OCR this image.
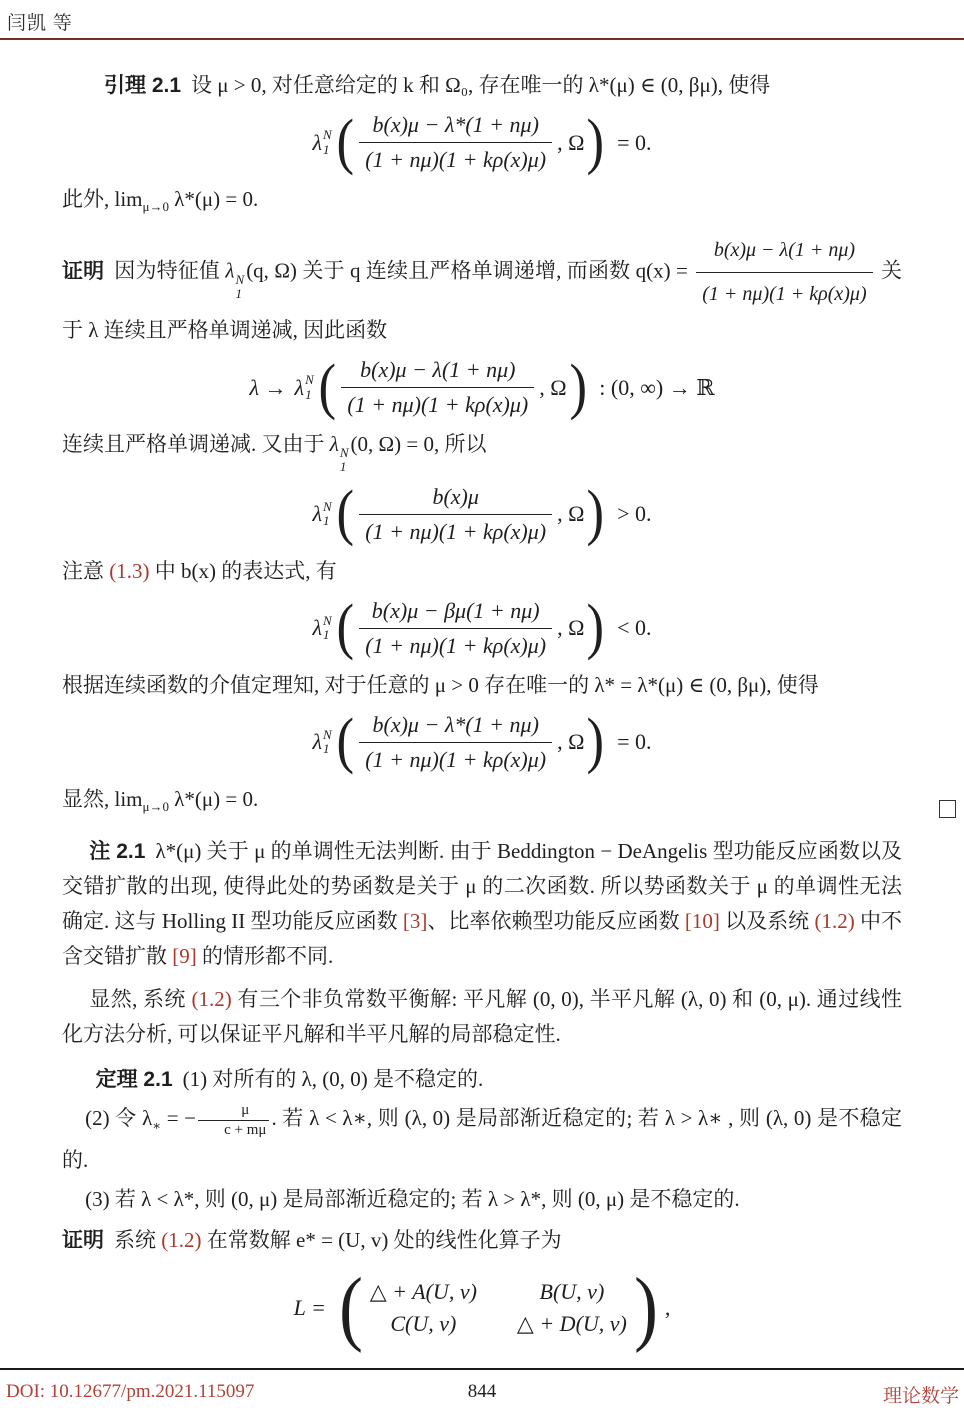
闫凯 等

引理 2.1 设 μ > 0, 对任意给定的 k 和 Ω₀, 存在唯一的 λ*(μ) ∈ (0, βμ), 使得

λ N
1 ( $\frac{b(x)\mu - \lambda*(1 + n\mu)}{(1 + n\mu)(1 + k\rho(x)\mu)}$ , Ω ) = 0.

此外, $\lim_{\mu\to 0} \lambda*(\mu) = 0$.

证明 因为特征值 λ N
1
(q, Ω) 关于 q 连续且严格单调递增, 而函数 $q(x) = \frac{b(x)\mu - \lambda(1 + n\mu)}{(1 + n\mu)(1 + k\rho(x)\mu)}$ 关于 λ 连续且严格单调递减, 因此函数

λ → λ N
1 ( $\frac{b(x)\mu - \lambda(1 + n\mu)}{(1 + n\mu)(1 + k\rho(x)\mu)}$ , Ω ) : (0, ∞) → ℝ

连续且严格单调递减. 又由于 λ N
1
(0, Ω) = 0, 所以

λ N
1 ( $\frac{b(x)\mu}{(1 + n\mu)(1 + k\rho(x)\mu)}$ , Ω ) > 0.

注意 (1.3) 中 b(x) 的表达式, 有

λ N
1 ( $\frac{b(x)\mu - \beta\mu(1 + n\mu)}{(1 + n\mu)(1 + k\rho(x)\mu)}$ , Ω ) < 0.

根据连续函数的介值定理知, 对于任意的 μ > 0 存在唯一的 λ* = λ*(μ) ∈ (0, βμ), 使得

λ N
1 ( $\frac{b(x)\mu - \lambda*(1 + n\mu)}{(1 + n\mu)(1 + k\rho(x)\mu)}$ , Ω ) = 0.

显然, $\lim_{\mu\to 0} \lambda*(\mu) = 0$.

注 2.1 λ*(μ) 关于 μ 的单调性无法判断. 由于 Beddington − DeAngelis 型功能反应函数以及交错扩散的出现, 使得此处的势函数是关于 μ 的二次函数. 所以势函数关于 μ 的单调性无法确定. 这与 Holling II 型功能反应函数 [3]、比率依赖型功能反应函数 [10] 以及系统 (1.2) 中不含交错扩散 [9] 的情形都不同.

显然, 系统 (1.2) 有三个非负常数平衡解: 平凡解 (0, 0), 半平凡解 (λ, 0) 和 (0, μ). 通过线性化方法分析, 可以保证平凡解和半平凡解的局部稳定性.

定理 2.1 (1) 对所有的 λ, (0, 0) 是不稳定的.

(2) 令 $\lambda_∗$ = − $\frac{\mu}{c + m\mu}$ . 若 λ < λ∗, 则 (λ, 0) 是局部渐近稳定的; 若 λ > λ∗ , 则 (λ, 0) 是不稳定的.

(3) 若 λ < λ*, 则 (0, μ) 是局部渐近稳定的; 若 λ > λ*, 则 (0, μ) 是不稳定的.

证明 系统 (1.2) 在常数解 e* = (U, v) 处的线性化算子为

L = ( △ + A(U, v)	B(U, v)
C(U, v)	△ + D(U, v) ) ,
DOI: 10.12677/pm.2021.115097	844	理论数学
